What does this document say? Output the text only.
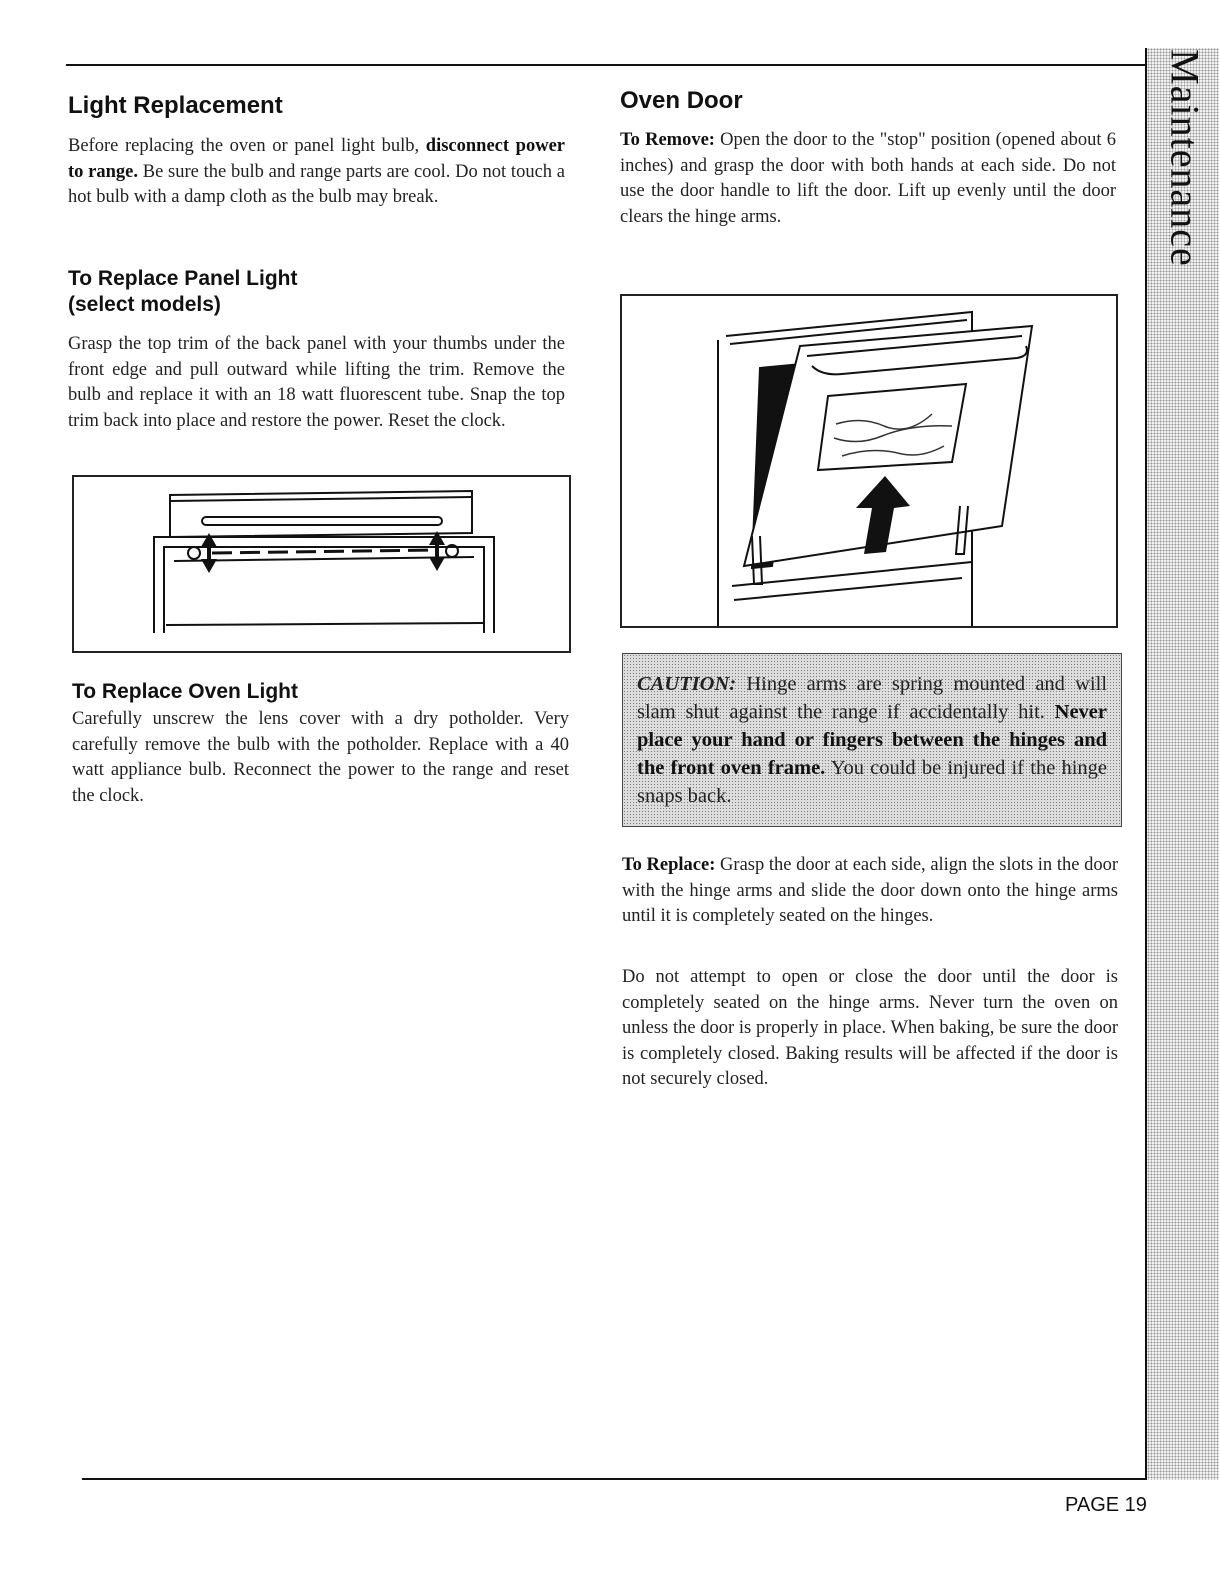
Maintenance
Light Replacement

Before replacing the oven or panel light bulb, disconnect power to range. Be sure the bulb and range parts are cool. Do not touch a hot bulb with a damp cloth as the bulb may break.

To Replace Panel Light
(select models)

Grasp the top trim of the back panel with your thumbs under the front edge and pull outward while lifting the trim. Remove the bulb and replace it with an 18 watt fluorescent tube. Snap the top trim back into place and restore the power. Reset the clock.

To Replace Oven Light

Carefully unscrew the lens cover with a dry potholder. Very carefully remove the bulb with the potholder. Replace with a 40 watt appliance bulb. Reconnect the power to the range and reset the clock.

Oven Door

To Remove: Open the door to the "stop" position (opened about 6 inches) and grasp the door with both hands at each side. Do not use the door handle to lift the door. Lift up evenly until the door clears the hinge arms.

CAUTION: Hinge arms are spring mounted and will slam shut against the range if accidentally hit. Never place your hand or fingers between the hinges and the front oven frame. You could be injured if the hinge snaps back.

To Replace: Grasp the door at each side, align the slots in the door with the hinge arms and slide the door down onto the hinge arms until it is completely seated on the hinges.

Do not attempt to open or close the door until the door is completely seated on the hinge arms. Never turn the oven on unless the door is properly in place. When baking, be sure the door is completely closed. Baking results will be affected if the door is not securely closed.

PAGE 19
